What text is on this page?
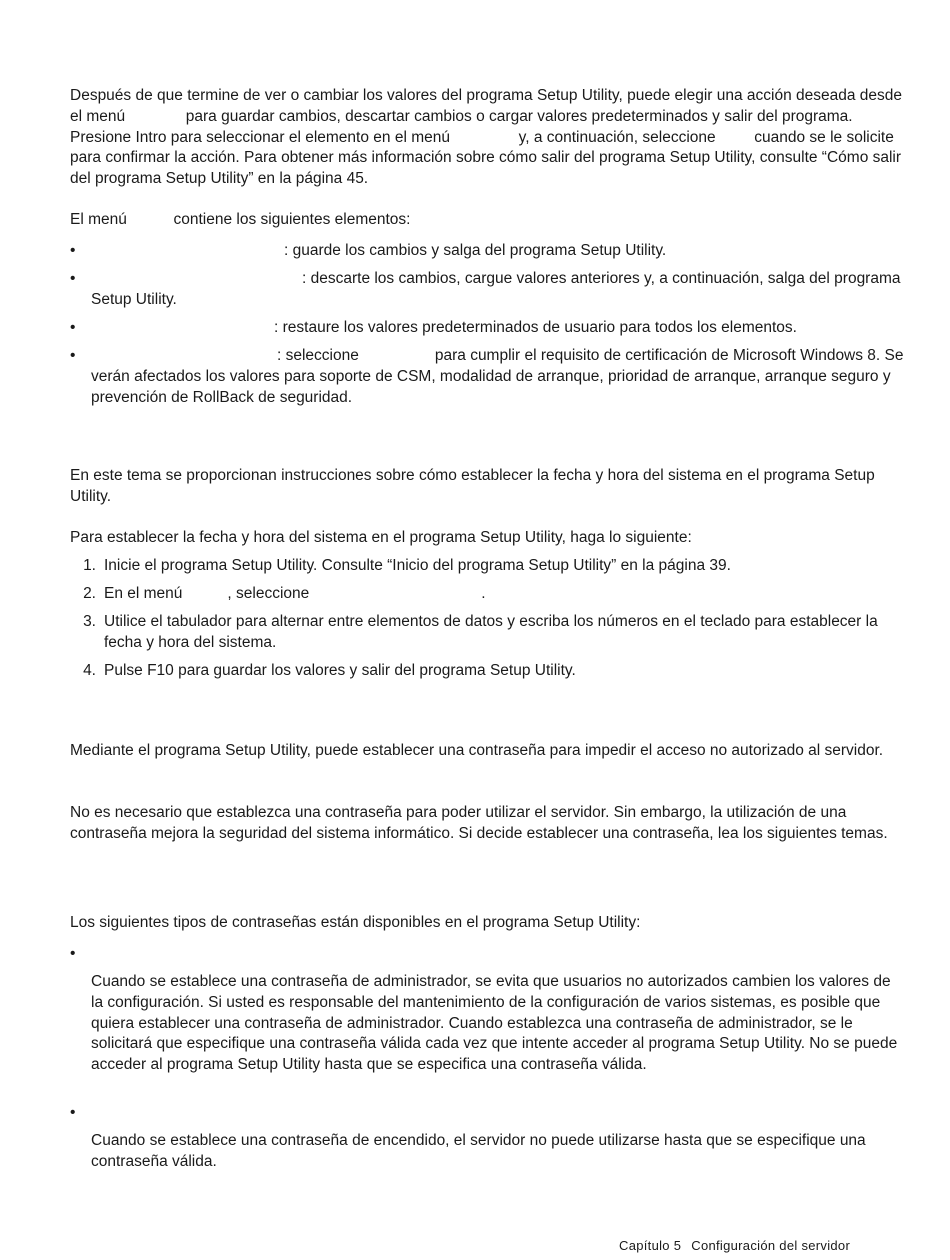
Después de que termine de ver o cambiar los valores del programa Setup Utility, puede elegir una acción deseada desde el menú	para guardar cambios, descartar cambios o cargar valores predeterminados y salir del programa. Presione Intro para seleccionar el elemento en el menú	y, a continuación, seleccione cuando se le solicite para confirmar la acción. Para obtener más información sobre cómo salir del programa Setup Utility, consulte “Cómo salir del programa Setup Utility” en la página 45.

El menú	contiene los siguientes elementos:

•	: guarde los cambios y salga del programa Setup Utility.
•	: descarte los cambios, cargue valores anteriores y, a continuación, salga del programa Setup Utility.
•	: restaure los valores predeterminados de usuario para todos los elementos.
•	: seleccione	para cumplir el requisito de certificación de Microsoft Windows 8. Se verán afectados los valores para soporte de CSM, modalidad de arranque, prioridad de arranque, arranque seguro y prevención de RollBack de seguridad.

En este tema se proporcionan instrucciones sobre cómo establecer la fecha y hora del sistema en el programa Setup Utility.

Para establecer la fecha y hora del sistema en el programa Setup Utility, haga lo siguiente:

1. Inicie el programa Setup Utility. Consulte “Inicio del programa Setup Utility” en la página 39.
2. En el menú	, seleccione	.
3. Utilice el tabulador para alternar entre elementos de datos y escriba los números en el teclado para establecer la fecha y hora del sistema.
4. Pulse F10 para guardar los valores y salir del programa Setup Utility.

Mediante el programa Setup Utility, puede establecer una contraseña para impedir el acceso no autorizado al servidor.

No es necesario que establezca una contraseña para poder utilizar el servidor. Sin embargo, la utilización de una contraseña mejora la seguridad del sistema informático. Si decide establecer una contraseña, lea los siguientes temas.

Los siguientes tipos de contraseñas están disponibles en el programa Setup Utility:

•
Cuando se establece una contraseña de administrador, se evita que usuarios no autorizados cambien los valores de la configuración. Si usted es responsable del mantenimiento de la configuración de varios sistemas, es posible que quiera establecer una contraseña de administrador. Cuando establezca una contraseña de administrador, se le solicitará que especifique una contraseña válida cada vez que intente acceder al programa Setup Utility. No se puede acceder al programa Setup Utility hasta que se especifica una contraseña válida.
•
Cuando se establece una contraseña de encendido, el servidor no puede utilizarse hasta que se especifique una contraseña válida.
Capítulo 5 Configuración del servidor
